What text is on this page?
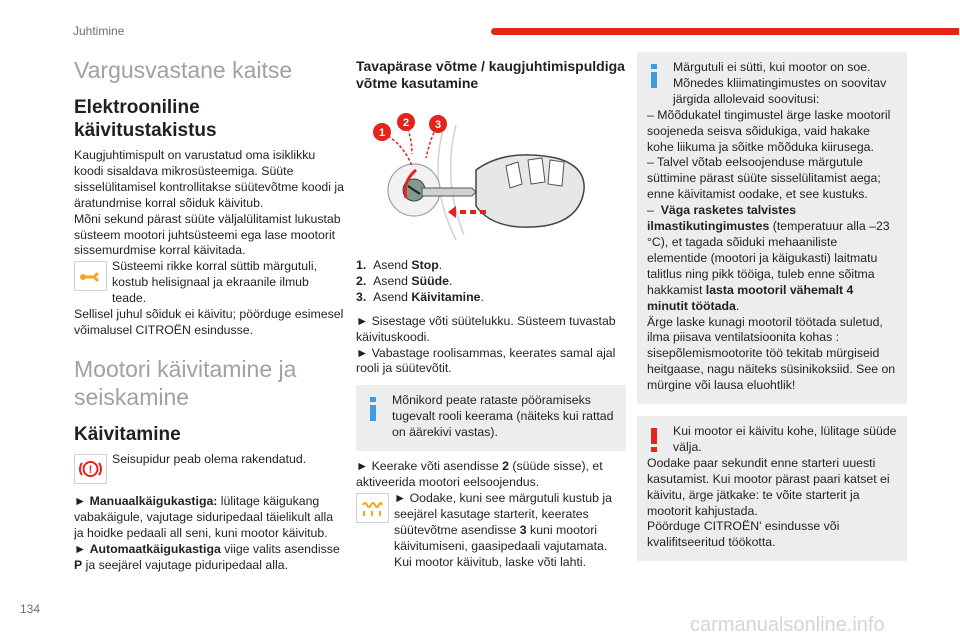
Juhtimine
Vargusvastane kaitse
Elektrooniline käivitustakistus

Kaugjuhtimispult on varustatud oma isiklikku koodi sisaldava mikrosüsteemiga. Süüte sisselülitamisel kontrollitakse süütevõtme koodi ja äratundmise korral sõiduk käivitub.

Mõni sekund pärast süüte väljalülitamist lukustab süsteem mootori juhtsüsteemi ega lase mootorit sissemurdmise korral käivitada.

Süsteemi rikke korral süttib märgutuli, kostub helisignaal ja ekraanile ilmub teade.

Sellisel juhul sõiduk ei käivitu; pöörduge esimesel võimalusel CITROËN esindusse.

Mootori käivitamine ja seiskamine
Käivitamine
!

Seisupidur peab olema rakendatud.

► Manuaalkäigukastiga: lülitage käigukang vabakäigule, vajutage siduripedaal täielikult alla ja hoidke pedaali all seni, kuni mootor käivitub.

► Automaatkäigukastiga viige valits asendisse P ja seejärel vajutage piduripedaal alla.

Tavapärase võtme / kaugjuhtimispuldiga võtme kasutamine
1
2 3
1. Asend Stop.
2. Asend Süüde.
3. Asend Käivitamine.

► Sisestage võti süütelukku. Süsteem tuvastab käivituskoodi.

► Vabastage roolisammas, keerates samal ajal rooli ja süütevõtit.

Mõnikord peate rataste pööramiseks tugevalt rooli keerama (näiteks kui rattad on äärekivi vastas).

► Keerake võti asendisse 2 (süüde sisse), et aktiveerida mootori eelsoojendus.

► Oodake, kuni see märgutuli kustub ja seejärel kasutage starterit, keerates süütevõtme asendisse 3 kuni mootori käivitumiseni, gaasipedaali vajutamata. Kui mootor käivitub, laske võti lahti.

Märgutuli ei sütti, kui mootor on soe. Mõnedes kliimatingimustes on soovitav järgida allolevaid soovitusi:

– Mõõdukatel tingimustel ärge laske mootoril soojeneda seisva sõidukiga, vaid hakake kohe liikuma ja sõitke mõõduka kiirusega.

– Talvel võtab eelsoojenduse märgutule süttimine pärast süüte sisselülitamist aega; enne käivitamist oodake, et see kustuks.

–  Väga rasketes talvistes ilmastikutingimustes (temperatuur alla –23 °C), et tagada sõiduki mehaaniliste elementide (mootori ja käigukasti) laitmatu talitlus ning pikk tööiga, tuleb enne sõitma hakkamist lasta mootoril vähemalt 4 minutit töötada.

Ärge laske kunagi mootoril töötada suletud, ilma piisava ventilatsioonita kohas : sisepõlemismootorite töö tekitab mürgiseid heitgaase, nagu näiteks süsinikoksiid. See on mürgine või lausa eluohtlik!

Kui mootor ei käivitu kohe, lülitage süüde välja.

Oodake paar sekundit enne starteri uuesti kasutamist. Kui mootor pärast paari katset ei käivitu, ärge jätkake: te võite starterit ja mootorit kahjustada.

Pöörduge CITROËN' esindusse või kvalifitseeritud töökotta.

134
carmanualsonline.info
